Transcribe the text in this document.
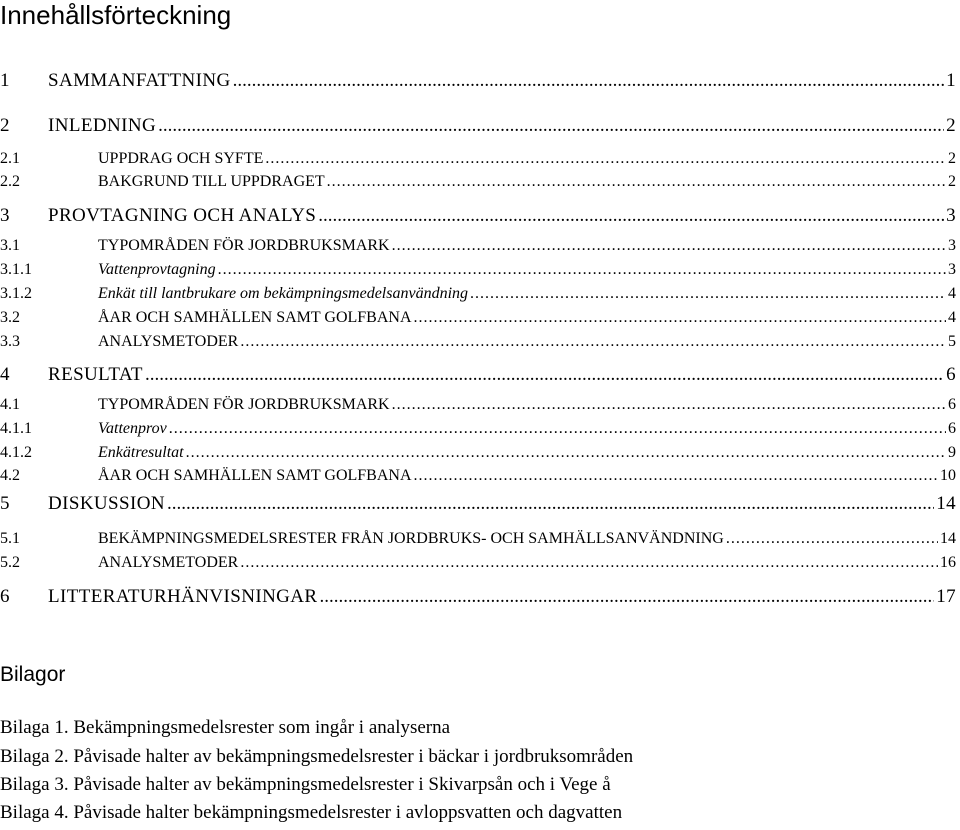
Innehållsförteckning
1	SAMMANFATTNING .....	1
2	INLEDNING .....	2
2.1	UPPDRAG OCH SYFTE .....	2
2.2	BAKGRUND TILL UPPDRAGET .....	2
3	PROVTAGNING OCH ANALYS .....	3
3.1	TYPOMRÅDEN FÖR JORDBRUKSMARK .....	3
3.1.1	Vattenprovtagning .....	3
3.1.2	Enkät till lantbrukare om bekämpningsmedelsanvändning .....	4
3.2	ÅAR OCH SAMHÄLLEN SAMT GOLFBANA .....	4
3.3	ANALYSMETODER .....	5
4	RESULTAT .....	6
4.1	TYPOMRÅDEN FÖR JORDBRUKSMARK .....	6
4.1.1	Vattenprov .....	6
4.1.2	Enkätresultat .....	9
4.2	ÅAR OCH SAMHÄLLEN SAMT GOLFBANA .....	10
5	DISKUSSION .....	14
5.1	BEKÄMPNINGSMEDELSRESTER FRÅN JORDBRUKS- OCH SAMHÄLLSANVÄNDNING .....	14
5.2	ANALYSMETODER .....	16
6	LITTERATURHÄNVISNINGAR .....	17
Bilagor
Bilaga 1. Bekämpningsmedelsrester som ingår i analyserna
Bilaga 2. Påvisade halter av bekämpningsmedelsrester i bäckar i jordbruksområden
Bilaga 3. Påvisade halter av bekämpningsmedelsrester i Skivarpsån och i Vege å
Bilaga 4. Påvisade halter bekämpningsmedelsrester i avloppsvatten och dagvatten
